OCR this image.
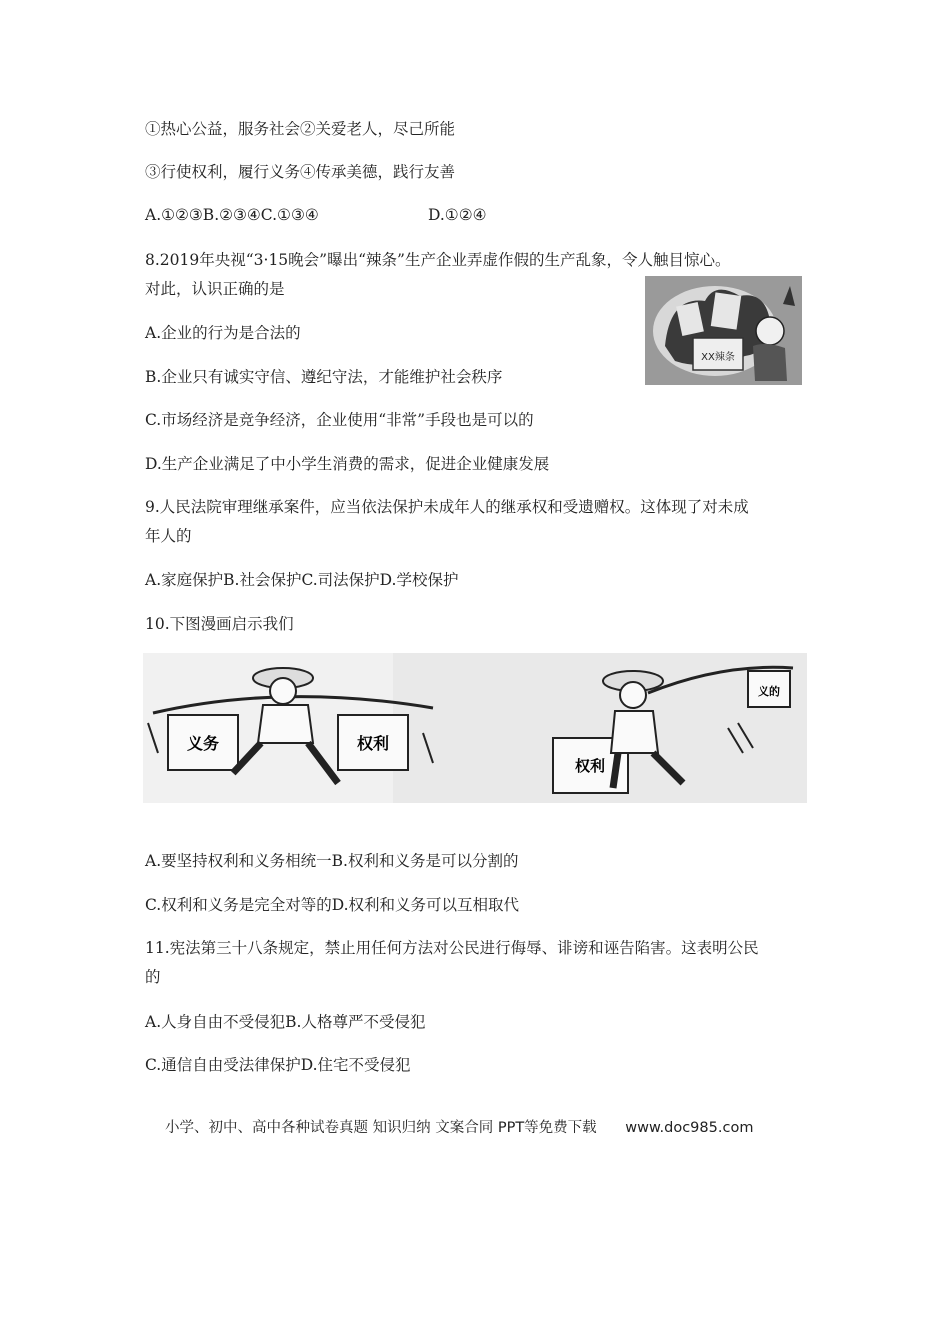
①热心公益，服务社会②关爱老人，尽己所能
③行使权利，履行义务④传承美德，践行友善
A.①②③B.②③④C.①③④	D.①②④
8.2019年央视“3·15晚会”曝出“辣条”生产企业弄虚作假的生产乱象，令人触目惊心。
对此，认识正确的是
A.企业的行为是合法的
B.企业只有诚实守信、遵纪守法，才能维护社会秩序
C.市场经济是竞争经济，企业使用“非常”手段也是可以的
D.生产企业满足了中小学生消费的需求，促进企业健康发展
XX辣条
9.人民法院审理继承案件，应当依法保护未成年人的继承权和受遗赠权。这体现了对未成
年人的
A.家庭保护B.社会保护C.司法保护D.学校保护
10.下图漫画启示我们
义务	权利
义的
权利
A.要坚持权利和义务相统一B.权利和义务是可以分割的
C.权利和义务是完全对等的D.权利和义务可以互相取代
11.宪法第三十八条规定，禁止用任何方法对公民进行侮辱、诽谤和诬告陷害。这表明公民
的
A.人身自由不受侵犯B.人格尊严不受侵犯
C.通信自由受法律保护D.住宅不受侵犯
小学、初中、高中各种试卷真题 知识归纳 文案合同 PPT等免费下载 www.doc985.com
